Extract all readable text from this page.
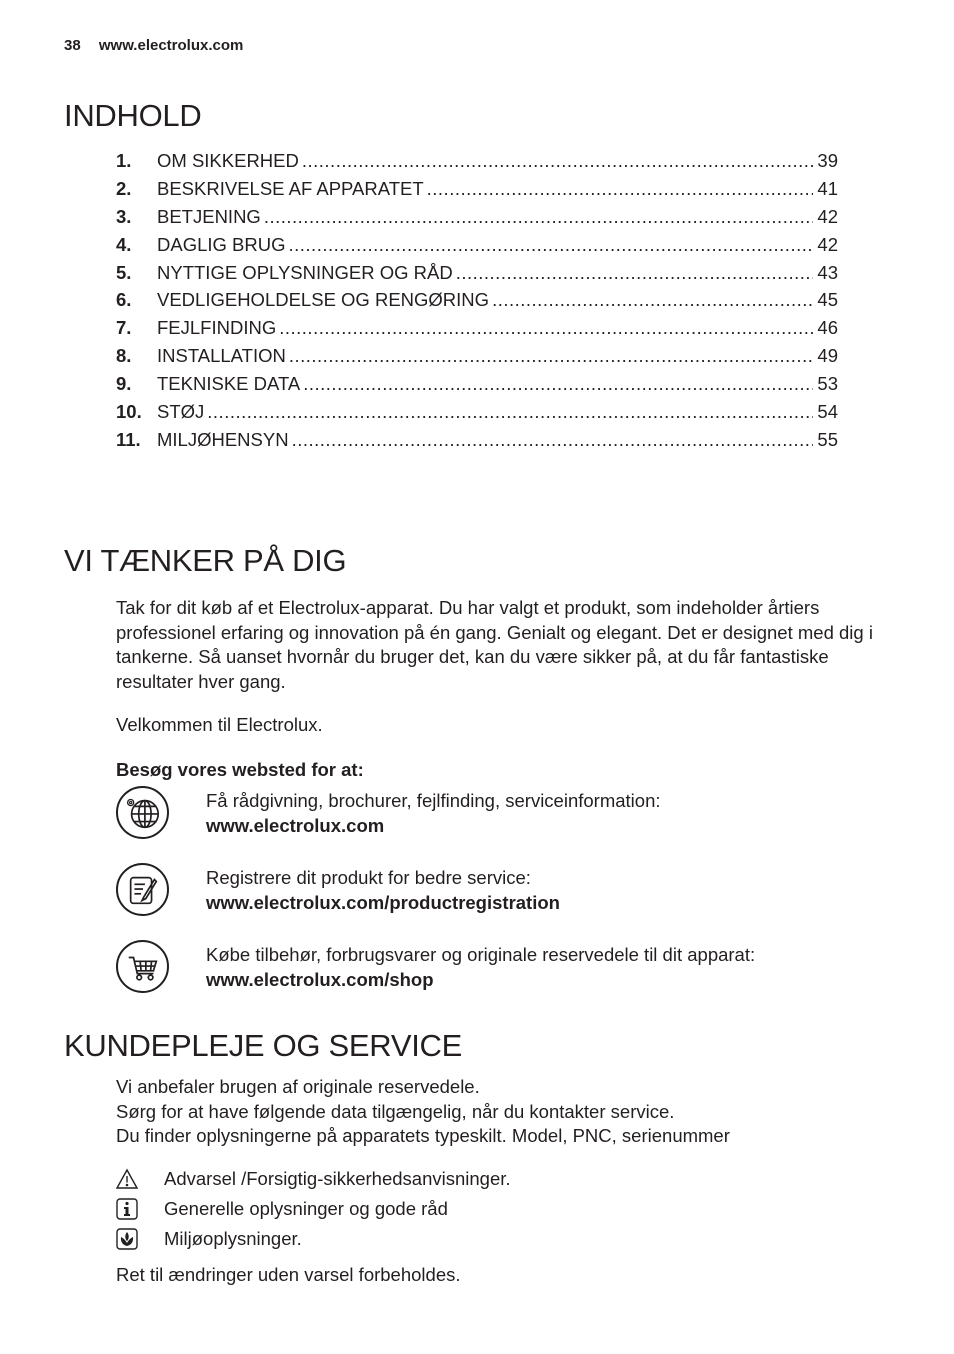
38 www.electrolux.com
INDHOLD
1.	OM SIKKERHED .....	39
2.	BESKRIVELSE AF APPARATET .....	41
3.	BETJENING .....	42
4.	DAGLIG BRUG .....	42
5.	NYTTIGE OPLYSNINGER OG RÅD .....	43
6.	VEDLIGEHOLDELSE OG RENGØRING .....	45
7.	FEJLFINDING .....	46
8.	INSTALLATION .....	49
9.	TEKNISKE DATA .....	53
10. STØJ .....	54
11. MILJØHENSYN .....	55
VI TÆNKER PÅ DIG

Tak for dit køb af et Electrolux-apparat. Du har valgt et produkt, som indeholder årtiers professionel erfaring og innovation på én gang. Genialt og elegant. Det er designet med dig i tankerne. Så uanset hvornår du bruger det, kan du være sikker på, at du får fantastiske resultater hver gang.

Velkommen til Electrolux.

Besøg vores websted for at:

Få rådgivning, brochurer, fejlfinding, serviceinformation:
www.electrolux.com
Registrere dit produkt for bedre service:
www.electrolux.com/productregistration
Købe tilbehør, forbrugsvarer og originale reservedele til dit apparat:
www.electrolux.com/shop
KUNDEPLEJE OG SERVICE
Vi anbefaler brugen af originale reservedele.
Sørg for at have følgende data tilgængelig, når du kontakter service.
Du finder oplysningerne på apparatets typeskilt. Model, PNC, serienummer
Advarsel /Forsigtig-sikkerhedsanvisninger.
Generelle oplysninger og gode råd
Miljøoplysninger.
Ret til ændringer uden varsel forbeholdes.
